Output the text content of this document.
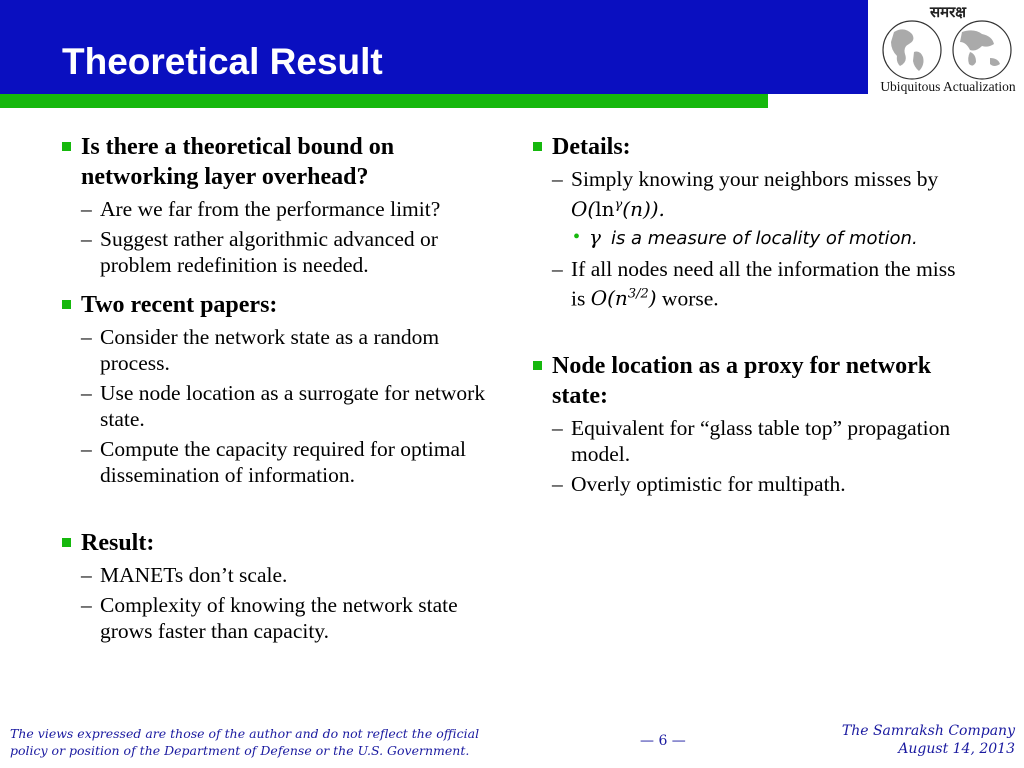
Theoretical Result
समरक्ष
Ubiquitous Actualization
Is there a theoretical bound on networking layer overhead?
– Are we far from the performance limit?
– Suggest rather algorithmic advanced or problem redefinition is needed.
Two recent papers:
– Consider the network state as a random process.
– Use node location as a surrogate for network state.
– Compute the capacity required for optimal dissemination of information.
Result:
– MANETs don’t scale.
– Complexity of knowing the network state grows faster than capacity.
Details:
– Simply knowing your neighbors misses by $O(\ln^\gamma(n))$.
• γ is a measure of locality of motion.
– If all nodes need all the information the miss is $O(n^{3/2})$ worse.
Node location as a proxy for network state:
– Equivalent for “glass table top” propagation model.
– Overly optimistic for multipath.
The views expressed are those of the author and do not reflect the official
policy or position of the Department of Defense or the U.S. Government.
— 6 —
The Samraksh Company
August 14, 2013
